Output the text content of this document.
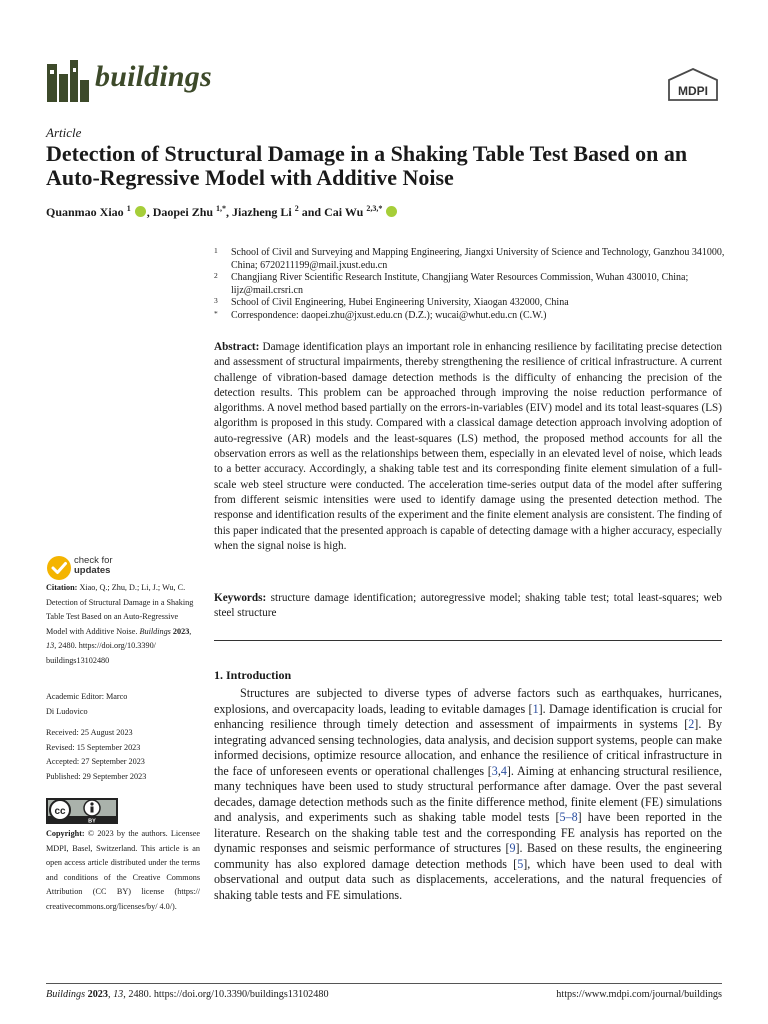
buildings	MDPI
Article
Detection of Structural Damage in a Shaking Table Test Based on an Auto-Regressive Model with Additive Noise
Quanmao Xiao $^1$ , Daopei Zhu $^{1,*}$, Jiazheng Li $^2$ and Cai Wu $^{2,3,*}$
1 School of Civil and Surveying and Mapping Engineering, Jiangxi University of Science and Technology, Ganzhou 341000, China; 6720211199@mail.jxust.edu.cn
2 Changjiang River Scientific Research Institute, Changjiang Water Resources Commission, Wuhan 430010, China; lijz@mail.crsri.cn
3 School of Civil Engineering, Hubei Engineering University, Xiaogan 432000, China
* Correspondence: daopei.zhu@jxust.edu.cn (D.Z.); wucai@whut.edu.cn (C.W.)
Abstract: Damage identification plays an important role in enhancing resilience by facilitating precise detection and assessment of structural impairments, thereby strengthening the resilience of critical infrastructure. A current challenge of vibration-based damage detection methods is the difficulty of enhancing the precision of the detection results. This problem can be approached through improving the noise reduction performance of algorithms. A novel method based partially on the errors-in-variables (EIV) model and its total least-squares (LS) algorithm is proposed in this study. Compared with a classical damage detection approach involving adoption of auto-regressive (AR) models and the least-squares (LS) method, the proposed method accounts for all the observation errors as well as the relationships between them, especially in an elevated level of noise, which leads to a better accuracy. Accordingly, a shaking table test and its corresponding finite element simulation of a full-scale web steel structure were conducted. The acceleration time-series output data of the model after suffering from different seismic intensities were used to identify damage using the presented detection method. The response and identification results of the experiment and the finite element analysis are consistent. The finding of this paper indicated that the presented approach is capable of detecting damage with a higher accuracy, especially when the signal noise is high.
Keywords: structure damage identification; autoregressive model; shaking table test; total least-squares; web steel structure
1. Introduction
Structures are subjected to diverse types of adverse factors such as earthquakes, hurricanes, explosions, and overcapacity loads, leading to evitable damages [1]. Damage identification is crucial for enhancing resilience through timely detection and assessment of impairments in systems [2]. By integrating advanced sensing technologies, data analysis, and decision support systems, people can make informed decisions, optimize resource allocation, and enhance the resilience of critical infrastructure in the face of unforeseen events or operational challenges [3,4]. Aiming at enhancing structural resilience, many techniques have been used to study structural performance after damage. Over the past several decades, damage detection methods such as the finite difference method, finite element (FE) simulations and analysis, and experiments such as shaking table model tests [5–8] have been reported in the literature. Research on the shaking table test and the corresponding FE analysis has reported on the dynamic responses and seismic performance of structures [9]. Based on these results, the engineering community has also explored damage detection methods [5], which have been used to deal with observational and output data such as displacements, accelerations, and the natural frequencies of shaking table tests and FE simulations.
check for
updates
Citation: Xiao, Q.; Zhu, D.; Li, J.; Wu, C. Detection of Structural Damage in a Shaking Table Test Based on an Auto-Regressive Model with Additive Noise. Buildings 2023, 13, 2480. https://doi.org/10.3390/ buildings13102480
Academic Editor: Marco
Di Ludovico
Received: 25 August 2023
Revised: 15 September 2023
Accepted: 27 September 2023
Published: 29 September 2023
cc
BY
Copyright: © 2023 by the authors. Licensee MDPI, Basel, Switzerland. This article is an open access article distributed under the terms and conditions of the Creative Commons Attribution (CC BY) license (https:// creativecommons.org/licenses/by/ 4.0/).
Buildings 2023, 13, 2480. https://doi.org/10.3390/buildings13102480	https://www.mdpi.com/journal/buildings
